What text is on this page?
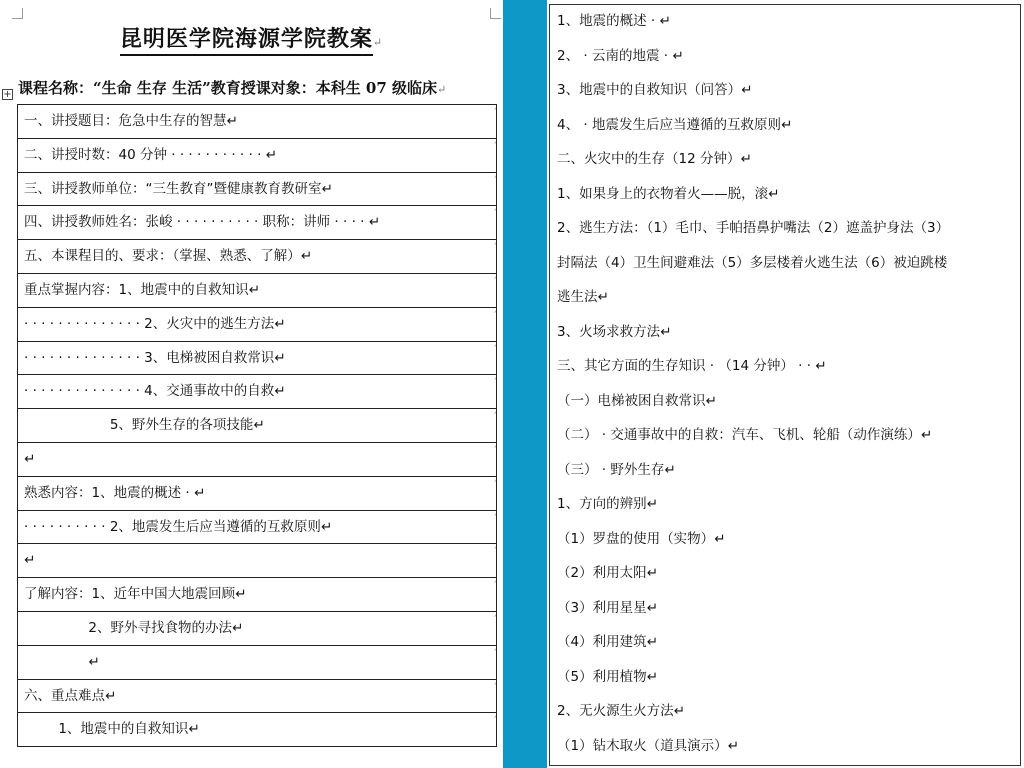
昆明医学院海源学院教案↵
课程名称：“生命 生存 生活”教育授课对象：本科生 07 级临床↵
+
一、讲授题目：危急中生存的智慧↵ ˄
二、讲授时数：40 分钟 · · · · · · · · · · · ↵ ˄
三、讲授教师单位：“三生教育”暨健康教育教研室↵ ˄
四、讲授教师姓名：张峻 · · · · · · · · · · 职称：讲师 · · · · ↵ ˄
五、本课程目的、要求：（掌握、熟悉、了解）↵ ˄
重点掌握内容：1、地震中的自救知识↵ ˄
· · · · · · · · · · · · · · 2、火灾中的逃生方法↵ ˄
· · · · · · · · · · · · · · 3、电梯被困自救常识↵ ˄
· · · · · · · · · · · · · · 4、交通事故中的自救↵ ˄
5、野外生存的各项技能↵ ˄
↵ ˄
熟悉内容：1、地震的概述 · ↵ ˄
· · · · · · · · · · 2、地震发生后应当遵循的互救原则↵ ˄
↵ ˄
了解内容：1、近年中国大地震回顾↵ ˄
2、野外寻找食物的办法↵ ˄
↵ ˄
六、重点难点↵ ˄
1、地震中的自救知识↵ ˄
1、地震的概述 · ↵
2、 · 云南的地震 · ↵
3、地震中的自救知识（问答）↵
4、 · 地震发生后应当遵循的互救原则↵
二、火灾中的生存（12 分钟）↵
1、如果身上的衣物着火——脱，滚↵
2、逃生方法：（1）毛巾、手帕捂鼻护嘴法（2）遮盖护身法（3）
封隔法（4）卫生间避难法（5）多层楼着火逃生法（6）被迫跳楼
逃生法↵
3、火场求救方法↵
三、其它方面的生存知识 · （14 分钟） · · ↵
（一）电梯被困自救常识↵
（二） · 交通事故中的自救：汽车、飞机、轮船（动作演练）↵
（三） · 野外生存↵
1、方向的辨别↵
（1）罗盘的使用（实物）↵
（2）利用太阳↵
（3）利用星星↵
（4）利用建筑↵
（5）利用植物↵
2、无火源生火方法↵
（1）钻木取火（道具演示）↵
